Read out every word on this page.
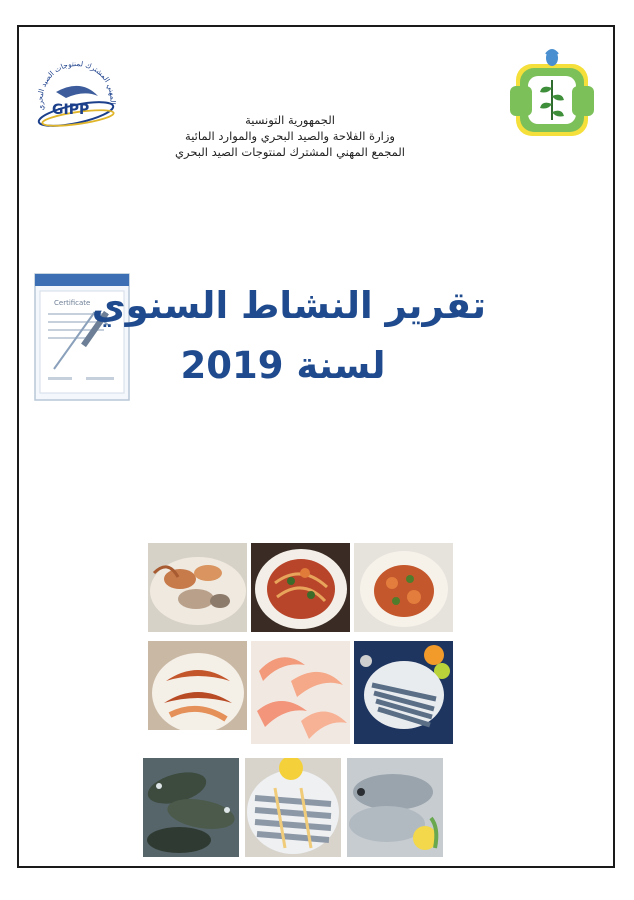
المهني المشترك لمنتوجات الصيد البحري
GIPP
الجمهورية التونسية
وزارة الفلاحة والصيد البحري والموارد المائية
المجمع المهني المشترك لمنتوجات الصيد البحري
Certificate تقرير النشاط السنوي
لسنة 2019
